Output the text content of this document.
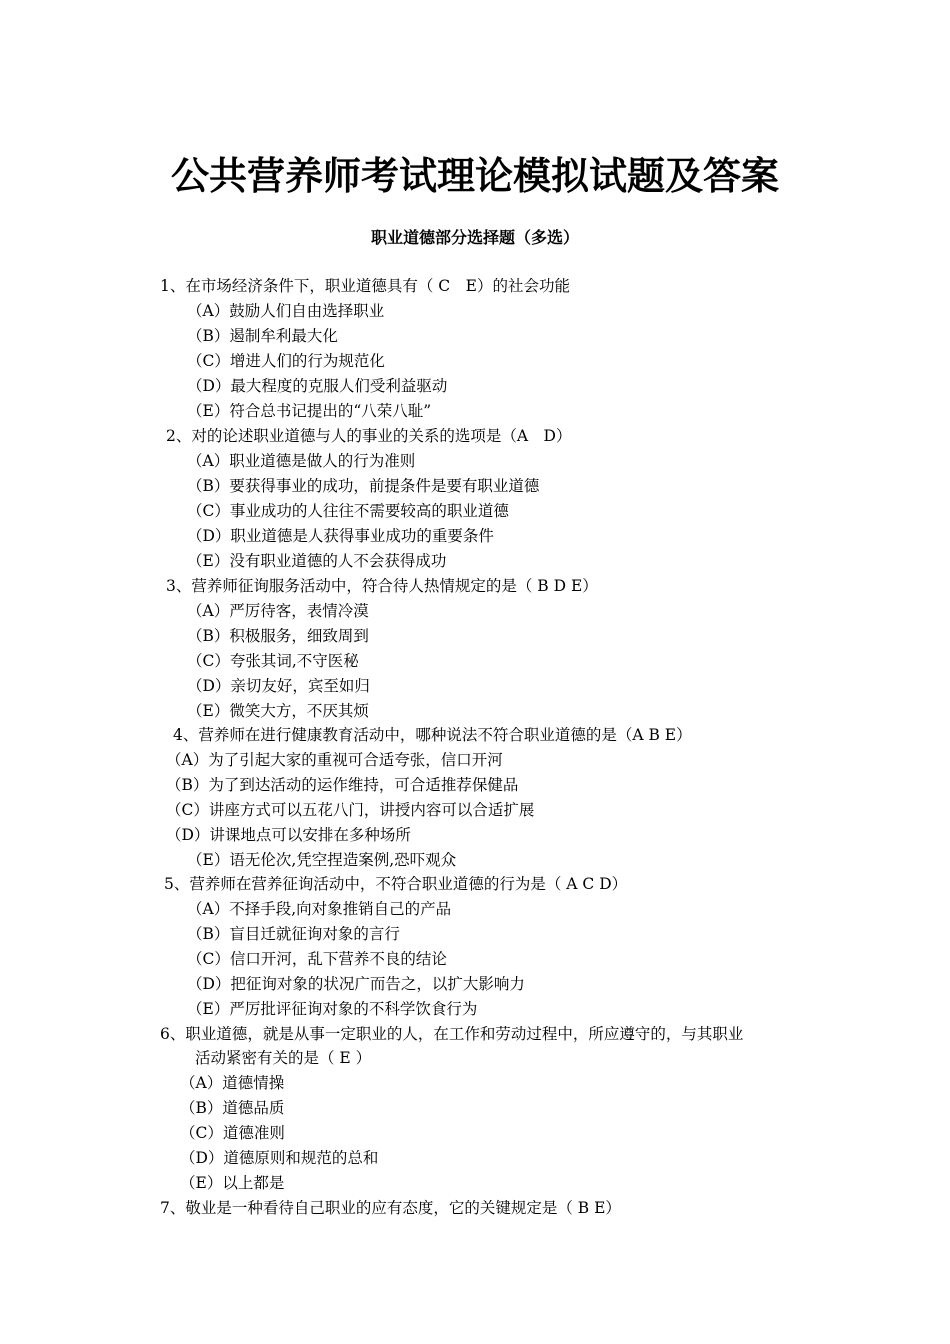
公共营养师考试理论模拟试题及答案
职业道德部分选择题（多选）
1、在市场经济条件下，职业道德具有（ C　E）的社会功能
（A）鼓励人们自由选择职业
（B）遏制牟利最大化
（C）增进人们的行为规范化
（D）最大程度的克服人们受利益驱动
（E）符合总书记提出的“八荣八耻”
2、对的论述职业道德与人的事业的关系的选项是（A　D）
（A）职业道德是做人的行为准则
（B）要获得事业的成功，前提条件是要有职业道德
（C）事业成功的人往往不需要较高的职业道德
（D）职业道德是人获得事业成功的重要条件
（E）没有职业道德的人不会获得成功
3、营养师征询服务活动中，符合待人热情规定的是（ B D E）
（A）严厉待客，表情冷漠
（B）积极服务，细致周到
（C）夸张其词,不守医秘
（D）亲切友好，宾至如归
（E）微笑大方，不厌其烦
4、营养师在进行健康教育活动中，哪种说法不符合职业道德的是（A B E）
（A）为了引起大家的重视可合适夸张，信口开河
（B）为了到达活动的运作维持，可合适推荐保健品
（C）讲座方式可以五花八门，讲授内容可以合适扩展
（D）讲课地点可以安排在多种场所
（E）语无伦次,凭空捏造案例,恐吓观众
5、营养师在营养征询活动中，不符合职业道德的行为是（ A C D）
（A）不择手段,向对象推销自己的产品
（B）盲目迁就征询对象的言行
（C）信口开河，乱下营养不良的结论
（D）把征询对象的状况广而告之，以扩大影响力
（E）严厉批评征询对象的不科学饮食行为
6、职业道德，就是从事一定职业的人，在工作和劳动过程中，所应遵守的，与其职业
活动紧密有关的是（ E ）
（A）道德情操
（B）道德品质
（C）道德准则
（D）道德原则和规范的总和
（E）以上都是
7、敬业是一种看待自己职业的应有态度，它的关键规定是（ B E）
